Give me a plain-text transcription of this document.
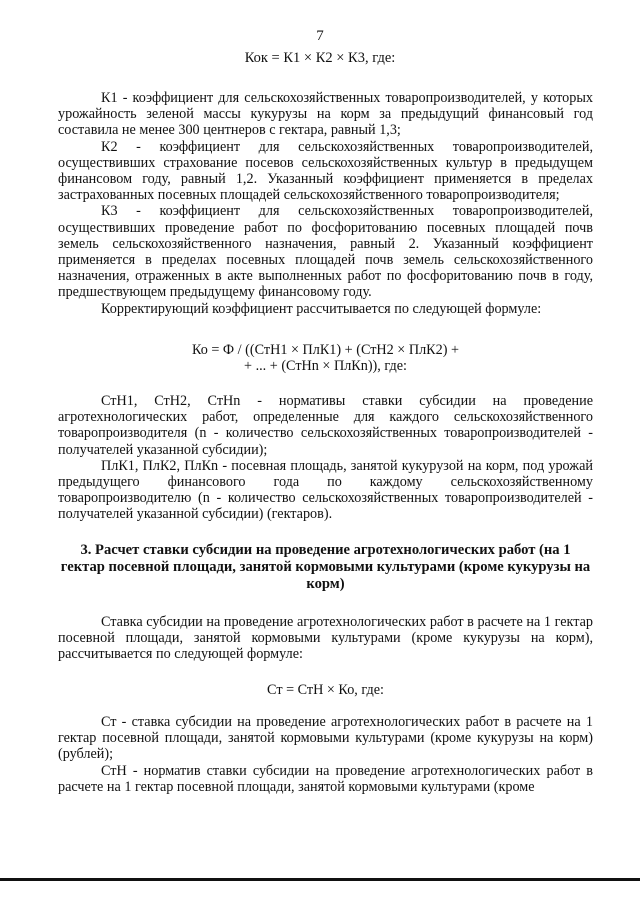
7
Кок = К1 × К2 × К3, где:

К1 - коэффициент для сельскохозяйственных товаропроизводителей, у которых урожайность зеленой массы кукурузы на корм за предыдущий финансовый год составила не менее 300 центнеров с гектара, равный 1,3;

К2 - коэффициент для сельскохозяйственных товаропроизводителей, осуществивших страхование посевов сельскохозяйственных культур в предыдущем финансовом году, равный 1,2. Указанный коэффициент применяется в пределах застрахованных посевных площадей сельскохозяйственного товаропроизводителя;

К3 - коэффициент для сельскохозяйственных товаропроизводителей, осуществивших проведение работ по фосфоритованию посевных площадей почв земель сельскохозяйственного назначения, равный 2. Указанный коэффициент применяется в пределах посевных площадей почв земель сельскохозяйственного назначения, отраженных в акте выполненных работ по фосфоритованию почв в году, предшествующем предыдущему финансовому году.

Корректирующий коэффициент рассчитывается по следующей формуле:

Ко = Ф / ((СтН1 × ПлК1) + (СтН2 × ПлК2) +

+ ... + (СтНn × ПлКn)), где:

СтН1, СтН2, СтНn - нормативы ставки субсидии на проведение агротехнологических работ, определенные для каждого сельскохозяйственного товаропроизводителя (n - количество сельскохозяйственных товаропроизводителей - получателей указанной субсидии);

ПлК1, ПлК2, ПлКn - посевная площадь, занятой кукурузой на корм, под урожай предыдущего финансового года по каждому сельскохозяйственному товаропроизводителю (n - количество сельскохозяйственных товаропроизводителей - получателей указанной субсидии) (гектаров).

3. Расчет ставки субсидии на проведение агротехнологических работ (на 1 гектар посевной площади, занятой кормовыми культурами (кроме кукурузы на корм)

Ставка субсидии на проведение агротехнологических работ в расчете на 1 гектар посевной площади, занятой кормовыми культурами (кроме кукурузы на корм), рассчитывается по следующей формуле:

Ст = СтН × Ко, где:

Ст - ставка субсидии на проведение агротехнологических работ в расчете на 1 гектар посевной площади, занятой кормовыми культурами (кроме кукурузы на корм) (рублей);

СтН - норматив ставки субсидии на проведение агротехнологических работ в расчете на 1 гектар посевной площади, занятой кормовыми культурами (кроме
